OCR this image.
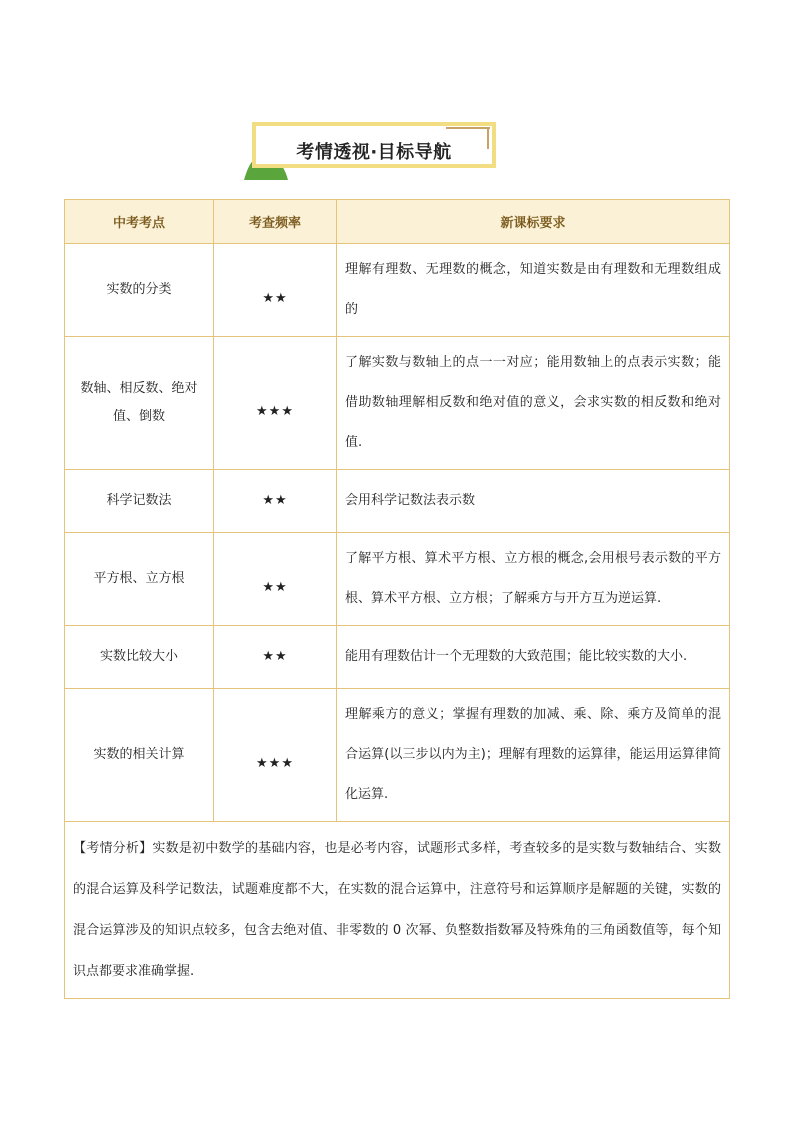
考情透视·目标导航
中考考点	考查频率	新课标要求
实数的分类	★★	理解有理数、无理数的概念，知道实数是由有理数和无理数组成的
数轴、相反数、绝对值、倒数	★★★	了解实数与数轴上的点一一对应；能用数轴上的点表示实数；能借助数轴理解相反数和绝对值的意义，会求实数的相反数和绝对值.
科学记数法	★★	会用科学记数法表示数
平方根、立方根	★★	了解平方根、算术平方根、立方根的概念,会用根号表示数的平方根、算术平方根、立方根；了解乘方与开方互为逆运算.
实数比较大小	★★	能用有理数估计一个无理数的大致范围；能比较实数的大小.
实数的相关计算	★★★	理解乘方的意义；掌握有理数的加减、乘、除、乘方及简单的混合运算(以三步以内为主)；理解有理数的运算律，能运用运算律简化运算.
【考情分析】实数是初中数学的基础内容，也是必考内容，试题形式多样，考查较多的是实数与数轴结合、实数的混合运算及科学记数法，试题难度都不大，在实数的混合运算中，注意符号和运算顺序是解题的关键，实数的混合运算涉及的知识点较多，包含去绝对值、非零数的 0 次幂、负整数指数幂及特殊角的三角函数值等，每个知识点都要求准确掌握.		
